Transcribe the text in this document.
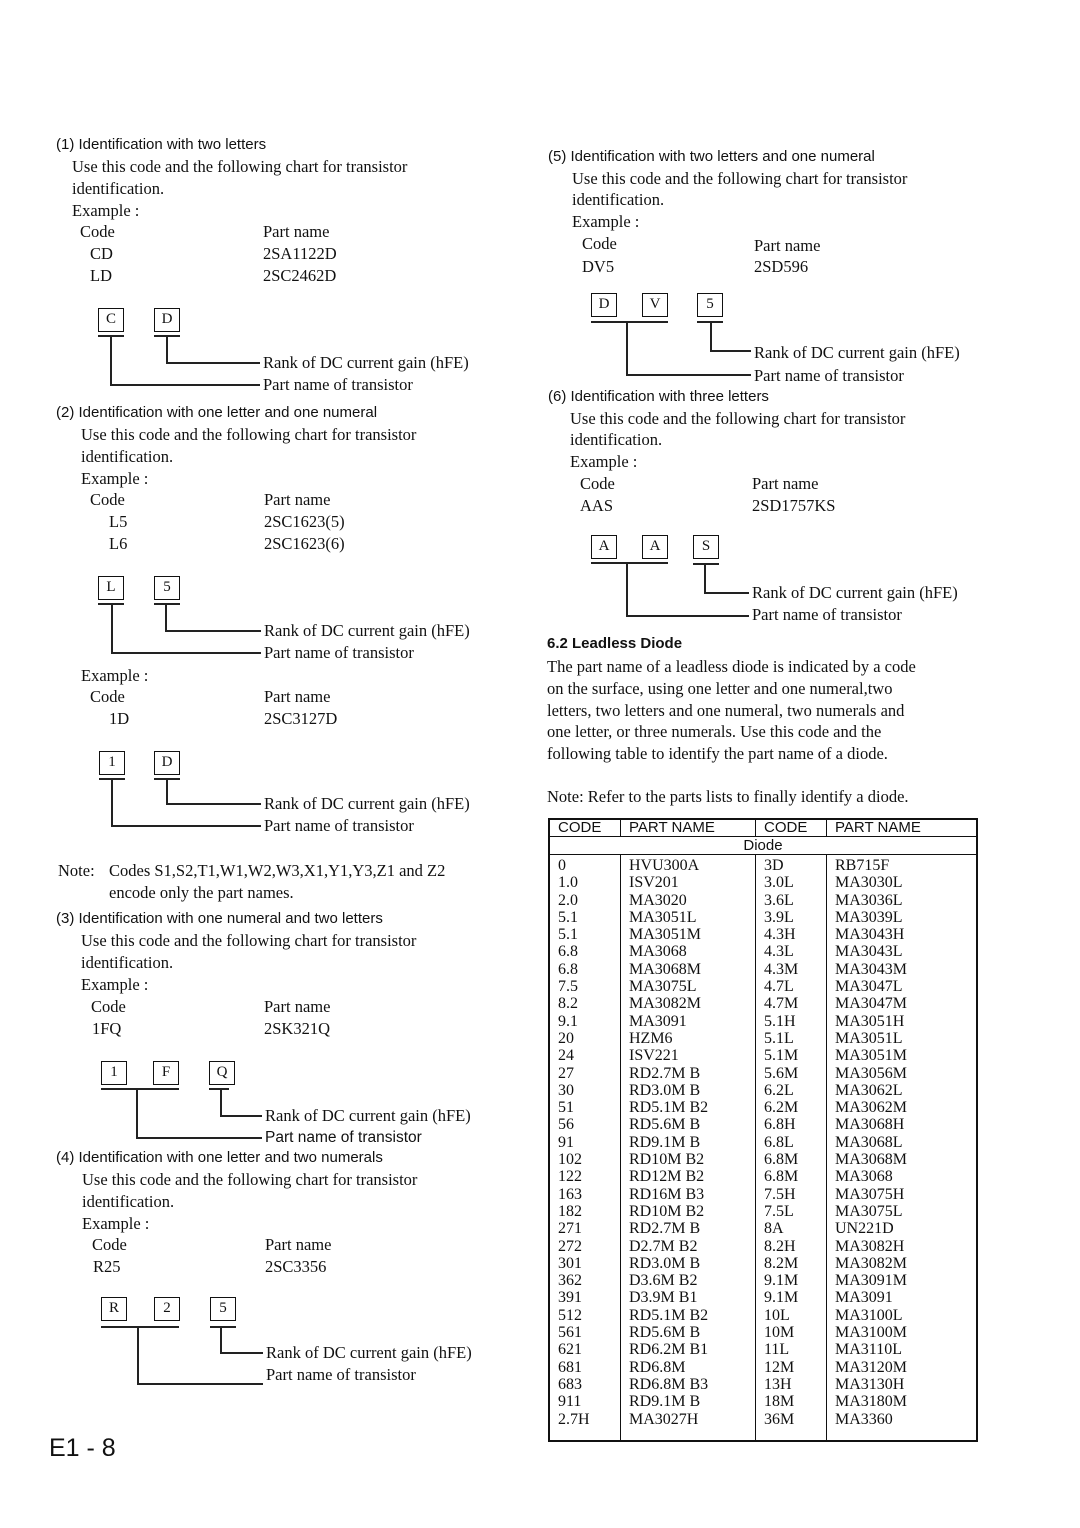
(1) Identification with two letters
Use this code and the following chart for transistor
identification.
Example :
Code	Part name
CD	2SA1122D
LD	2SC2462D
C	D
Rank of DC current gain (hFE)
Part name of transistor
(2) Identification with one letter and one numeral
Use this code and the following chart for transistor
identification.
Example :
Code	Part name
L5	2SC1623(5)
L6	2SC1623(6)
L	5
Rank of DC current gain (hFE)
Part name of transistor
Example :
Code	Part name
1D	2SC3127D
1	D
Rank of DC current gain (hFE)
Part name of transistor
Note: Codes S1,S2,T1,W1,W2,W3,X1,Y1,Y3,Z1 and Z2
encode only the part names.
(3) Identification with one numeral and two letters
Use this code and the following chart for transistor
identification.
Example :
Code	Part name
1FQ	2SK321Q
1	F	Q
Rank of DC current gain (hFE)
Part name of transistor
(4) Identification with one letter and two numerals
Use this code and the following chart for transistor
identification.
Example :
Code	Part name
R25	2SC3356
R	2	5
Rank of DC current gain (hFE)
Part name of transistor
E1 - 8
(5) Identification with two letters and one numeral
Use this code and the following chart for transistor
identification.
Example :
Code	Part name
DV5	2SD596
D	V	5
Rank of DC current gain (hFE)
Part name of transistor
(6) Identification with three letters
Use this code and the following chart for transistor
identification.
Example :
Code	Part name
AAS	2SD1757KS
A	A	S
Rank of DC current gain (hFE)
Part name of transistor
6.2 Leadless Diode
The part name of a leadless diode is indicated by a code
on the surface, using one letter and one numeral,two
letters, two letters and one numeral, two numerals and
one letter, or three numerals. Use this code and the
following table to identify the part name of a diode.
Note: Refer to the parts lists to finally identify a diode.
CODE	PART NAME	CODE	PART NAME
Diode			
0	HVU300A	3D	RB715F
1.0	ISV201	3.0L	MA3030L
2.0	MA3020	3.6L	MA3036L
5.1	MA3051L	3.9L	MA3039L
5.1	MA3051M	4.3H	MA3043H
6.8	MA3068	4.3L	MA3043L
6.8	MA3068M	4.3M	MA3043M
7.5	MA3075L	4.7L	MA3047L
8.2	MA3082M	4.7M	MA3047M
9.1	MA3091	5.1H	MA3051H
20	HZM6	5.1L	MA3051L
24	ISV221	5.1M	MA3051M
27	RD2.7M B	5.6M	MA3056M
30	RD3.0M B	6.2L	MA3062L
51	RD5.1M B2	6.2M	MA3062M
56	RD5.6M B	6.8H	MA3068H
91	RD9.1M B	6.8L	MA3068L
102	RD10M B2	6.8M	MA3068M
122	RD12M B2	6.8M	MA3068
163	RD16M B3	7.5H	MA3075H
182	RD10M B2	7.5L	MA3075L
271	RD2.7M B	8A	UN221D
272	D2.7M B2	8.2H	MA3082H
301	RD3.0M B	8.2M	MA3082M
362	D3.6M B2	9.1M	MA3091M
391	D3.9M B1	9.1M	MA3091
512	RD5.1M B2	10L	MA3100L
561	RD5.6M B	10M	MA3100M
621	RD6.2M B1	11L	MA3110L
681	RD6.8M	12M	MA3120M
683	RD6.8M B3	13H	MA3130H
911	RD9.1M B	18M	MA3180M
2.7H	MA3027H	36M	MA3360
